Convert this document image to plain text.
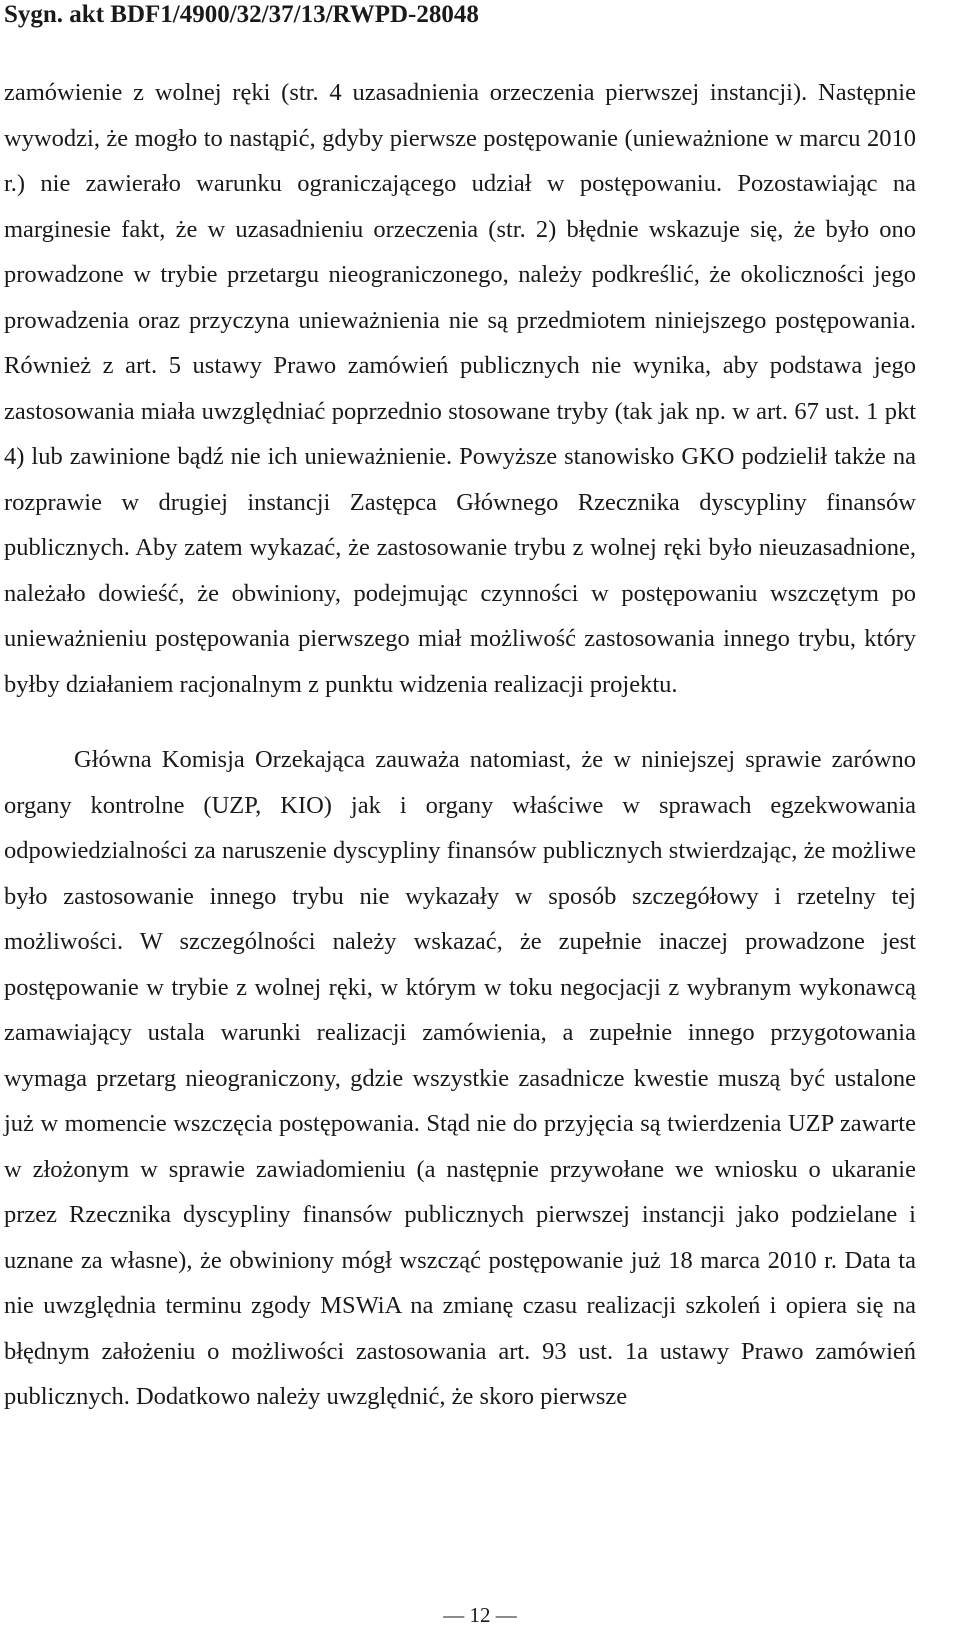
Sygn. akt BDF1/4900/32/37/13/RWPD-28048

zamówienie z wolnej ręki (str. 4 uzasadnienia orzeczenia pierwszej instancji). Następnie wywodzi, że mogło to nastąpić, gdyby pierwsze postępowanie (unieważnione w marcu 2010 r.) nie zawierało warunku ograniczającego udział w postępowaniu. Pozostawiając na marginesie fakt, że w uzasadnieniu orzeczenia (str. 2) błędnie wskazuje się, że było ono prowadzone w trybie przetargu nieograniczonego, należy podkreślić, że okoliczności jego prowadzenia oraz przyczyna unieważnienia nie są przedmiotem niniejszego postępowania. Również z art. 5 ustawy Prawo zamówień publicznych nie wynika, aby podstawa jego zastosowania miała uwzględniać poprzednio stosowane tryby (tak jak np. w art. 67 ust. 1 pkt 4) lub zawinione bądź nie ich unieważnienie. Powyższe stanowisko GKO podzielił także na rozprawie w drugiej instancji Zastępca Głównego Rzecznika dyscypliny finansów publicznych. Aby zatem wykazać, że zastosowanie trybu z wolnej ręki było nieuzasadnione, należało dowieść, że obwiniony, podejmując czynności w postępowaniu wszczętym po unieważnieniu postępowania pierwszego miał możliwość zastosowania innego trybu, który byłby działaniem racjonalnym z punktu widzenia realizacji projektu.

Główna Komisja Orzekająca zauważa natomiast, że w niniejszej sprawie zarówno organy kontrolne (UZP, KIO) jak i organy właściwe w sprawach egzekwowania odpowiedzialności za naruszenie dyscypliny finansów publicznych stwierdzając, że możliwe było zastosowanie innego trybu nie wykazały w sposób szczegółowy i rzetelny tej możliwości. W szczególności należy wskazać, że zupełnie inaczej prowadzone jest postępowanie w trybie z wolnej ręki, w którym w toku negocjacji z wybranym wykonawcą zamawiający ustala warunki realizacji zamówienia, a zupełnie innego przygotowania wymaga przetarg nieograniczony, gdzie wszystkie zasadnicze kwestie muszą być ustalone już w momencie wszczęcia postępowania. Stąd nie do przyjęcia są twierdzenia UZP zawarte w złożonym w sprawie zawiadomieniu (a następnie przywołane we wniosku o ukaranie przez Rzecznika dyscypliny finansów publicznych pierwszej instancji jako podzielane i uznane za własne), że obwiniony mógł wszcząć postępowanie już 18 marca 2010 r. Data ta nie uwzględnia terminu zgody MSWiA na zmianę czasu realizacji szkoleń i opiera się na błędnym założeniu o możliwości zastosowania art. 93 ust. 1a ustawy Prawo zamówień publicznych. Dodatkowo należy uwzględnić, że skoro pierwsze

— 12 —
